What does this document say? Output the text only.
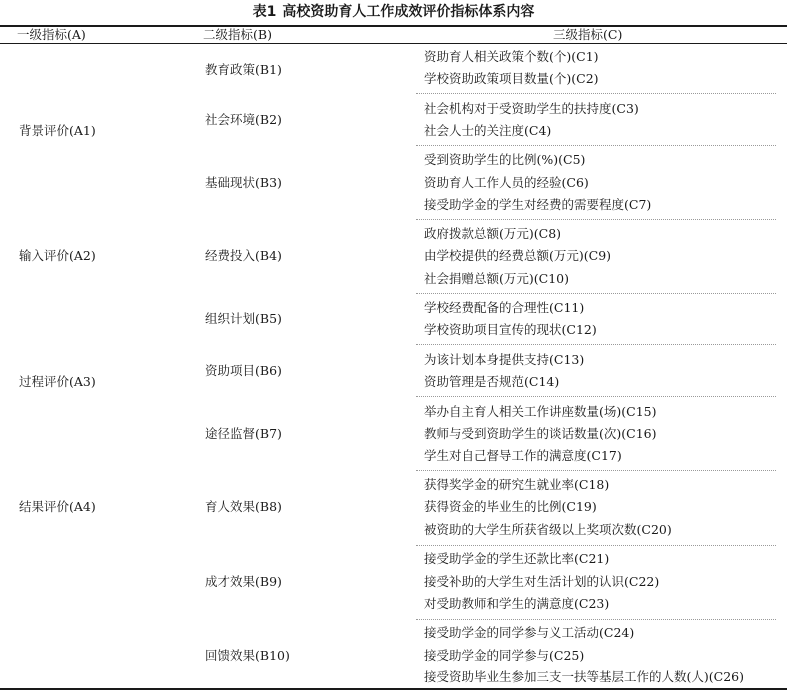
表1 高校资助育人工作成效评价指标体系内容
一级指标(A)	二级指标(B)	三级指标(C)
背景评价(A1)
输入评价(A2)
过程评价(A3)
结果评价(A4)
教育政策(B1)
资助育人相关政策个数(个)(C1)
学校资助政策项目数量(个)(C2)
社会环境(B2)
社会机构对于受资助学生的扶持度(C3)
社会人士的关注度(C4)
基础现状(B3)
受到资助学生的比例(%)(C5)
资助育人工作人员的经验(C6)
接受助学金的学生对经费的需要程度(C7)
经费投入(B4)
政府拨款总额(万元)(C8)
由学校提供的经费总额(万元)(C9)
社会捐赠总额(万元)(C10)
组织计划(B5)
学校经费配备的合理性(C11)
学校资助项目宣传的现状(C12)
资助项目(B6)
为该计划本身提供支持(C13)
资助管理是否规范(C14)
途径监督(B7)
举办自主育人相关工作讲座数量(场)(C15)
教师与受到资助学生的谈话数量(次)(C16)
学生对自己督导工作的满意度(C17)
育人效果(B8)
获得奖学金的研究生就业率(C18)
获得资金的毕业生的比例(C19)
被资助的大学生所获省级以上奖项次数(C20)
成才效果(B9)
接受助学金的学生还款比率(C21)
接受补助的大学生对生活计划的认识(C22)
对受助教师和学生的满意度(C23)
回馈效果(B10)
接受助学金的同学参与义工活动(C24)
接受助学金的同学参与(C25)
接受资助毕业生参加三支一扶等基层工作的人数(人)(C26)
